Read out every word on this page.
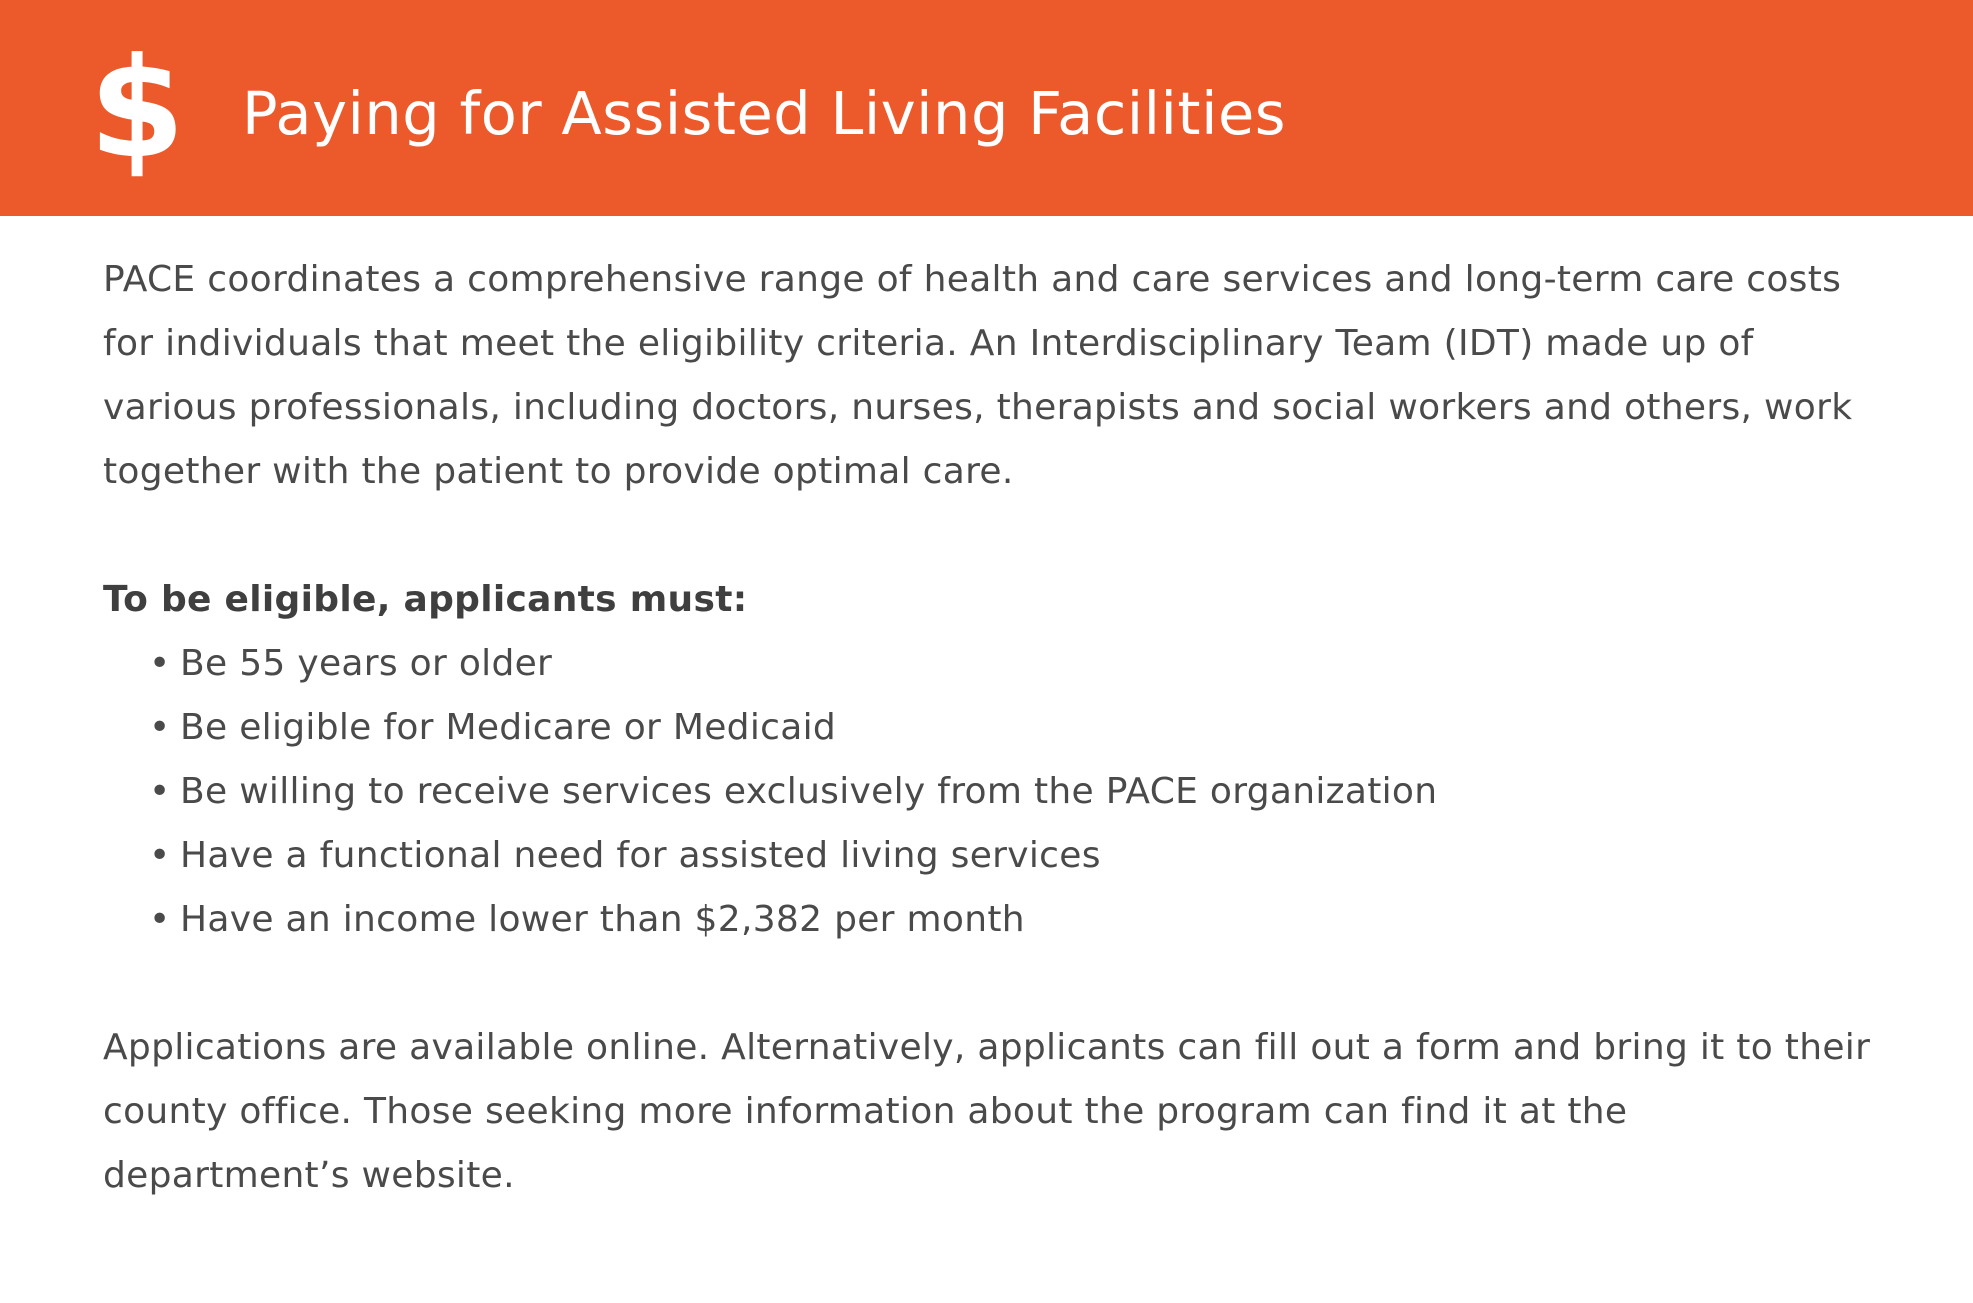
$ Paying for Assisted Living Facilities

PACE coordinates a comprehensive range of health and care services and long-term care costs for individuals that meet the eligibility criteria. An Interdisciplinary Team (IDT) made up of various professionals, including doctors, nurses, therapists and social workers and others, work together with the patient to provide optimal care.

To be eligible, applicants must:
• Be 55 years or older
• Be eligible for Medicare or Medicaid
• Be willing to receive services exclusively from the PACE organization
• Have a functional need for assisted living services
• Have an income lower than $2,382 per month

Applications are available online. Alternatively, applicants can fill out a form and bring it to their county office. Those seeking more information about the program can find it at the department’s website.
